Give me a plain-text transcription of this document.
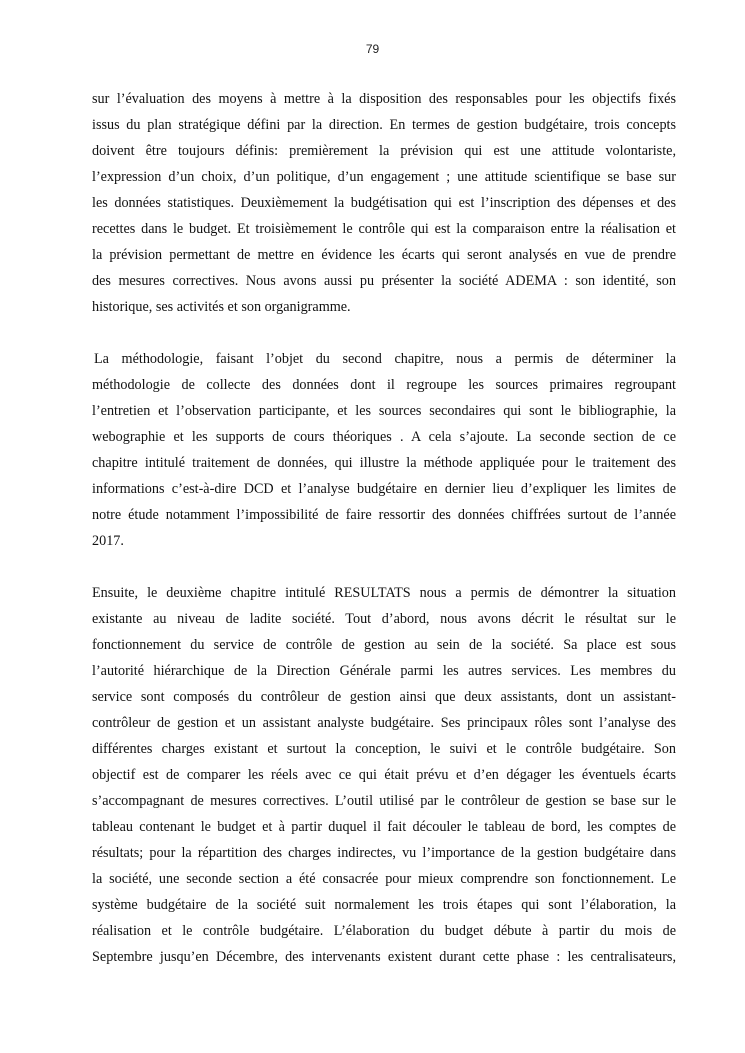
79
sur l’évaluation des moyens à mettre à la disposition des responsables pour les objectifs fixés
issus du plan stratégique défini par la direction. En termes de gestion budgétaire, trois concepts
doivent être toujours définis: premièrement la prévision qui est une attitude volontariste,
l’expression d’un choix, d’un politique, d’un engagement ; une attitude scientifique se base sur
les données statistiques. Deuxièmement la budgétisation qui est l’inscription des dépenses et des
recettes dans le budget. Et troisièmement le contrôle qui est la comparaison entre la réalisation et
la prévision permettant de mettre en évidence les écarts qui seront analysés en vue de prendre
des mesures correctives. Nous avons aussi pu présenter la société ADEMA : son identité, son
historique, ses activités et son organigramme.
La méthodologie, faisant l’objet du second chapitre, nous a permis de déterminer la
méthodologie de collecte des données dont il regroupe les sources primaires regroupant
l’entretien et l’observation participante, et les sources secondaires qui sont le bibliographie, la
webographie et les supports de cours théoriques . A cela s’ajoute. La seconde section de ce
chapitre intitulé traitement de données, qui illustre la méthode appliquée pour le traitement des
informations c’est-à-dire DCD et l’analyse budgétaire en dernier lieu d’expliquer les limites de
notre étude notamment l’impossibilité de faire ressortir des données chiffrées surtout de l’année
2017.
Ensuite, le deuxième chapitre intitulé RESULTATS nous a permis de démontrer la situation
existante au niveau de ladite société. Tout d’abord, nous avons décrit le résultat sur le
fonctionnement du service de contrôle de gestion au sein de la société. Sa place est sous
l’autorité hiérarchique de la Direction Générale parmi les autres services. Les membres du
service sont composés du contrôleur de gestion ainsi que deux assistants, dont un assistant-
contrôleur de gestion et un assistant analyste budgétaire. Ses principaux rôles sont l’analyse des
différentes charges existant et surtout la conception, le suivi et le contrôle budgétaire. Son
objectif est de comparer les réels avec ce qui était prévu et d’en dégager les éventuels écarts
s’accompagnant de mesures correctives. L’outil utilisé par le contrôleur de gestion se base sur le
tableau contenant le budget et à partir duquel il fait découler le tableau de bord, les comptes de
résultats; pour la répartition des charges indirectes, vu l’importance de la gestion budgétaire dans
la société, une seconde section a été consacrée pour mieux comprendre son fonctionnement. Le
système budgétaire de la société suit normalement les trois étapes qui sont l’élaboration, la
réalisation et le contrôle budgétaire. L’élaboration du budget débute à partir du mois de
Septembre jusqu’en Décembre, des intervenants existent durant cette phase : les centralisateurs,
